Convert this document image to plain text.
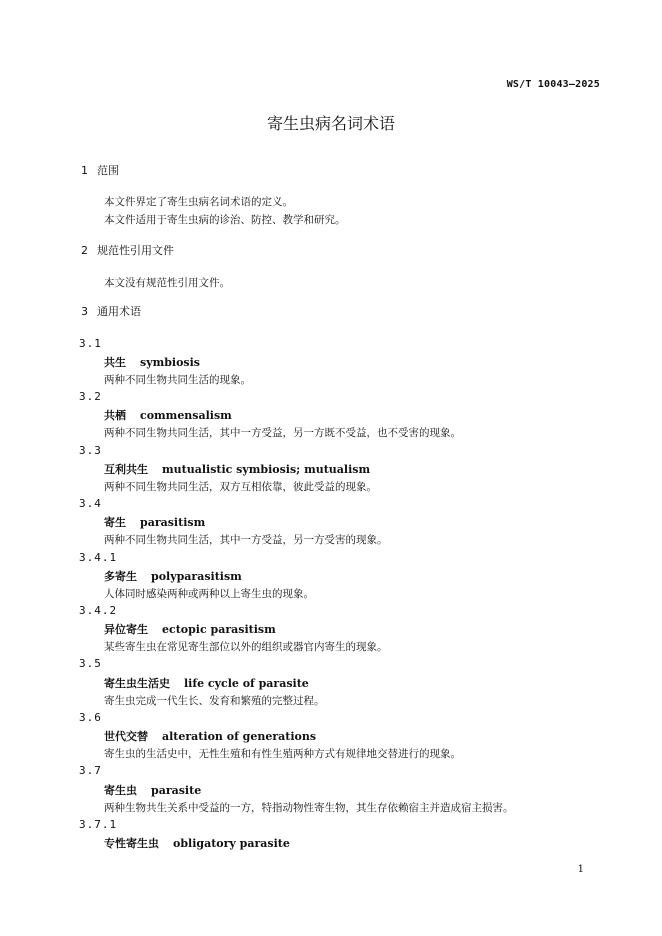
WS/T 10043—2025
寄生虫病名词术语
1 范围
本文件界定了寄生虫病名词术语的定义。
本文件适用于寄生虫病的诊治、防控、教学和研究。
2 规范性引用文件
本文没有规范性引用文件。
3 通用术语
3.1
共生 symbiosis
两种不同生物共同生活的现象。
3.2
共栖 commensalism
两种不同生物共同生活，其中一方受益，另一方既不受益，也不受害的现象。
3.3
互利共生 mutualistic symbiosis; mutualism
两种不同生物共同生活，双方互相依靠，彼此受益的现象。
3.4
寄生 parasitism
两种不同生物共同生活，其中一方受益，另一方受害的现象。
3.4.1
多寄生 polyparasitism
人体同时感染两种或两种以上寄生虫的现象。
3.4.2
异位寄生 ectopic parasitism
某些寄生虫在常见寄生部位以外的组织或器官内寄生的现象。
3.5
寄生虫生活史 life cycle of parasite
寄生虫完成一代生长、发育和繁殖的完整过程。
3.6
世代交替 alteration of generations
寄生虫的生活史中，无性生殖和有性生殖两种方式有规律地交替进行的现象。
3.7
寄生虫 parasite
两种生物共生关系中受益的一方，特指动物性寄生物，其生存依赖宿主并造成宿主损害。
3.7.1
专性寄生虫 obligatory parasite
1
